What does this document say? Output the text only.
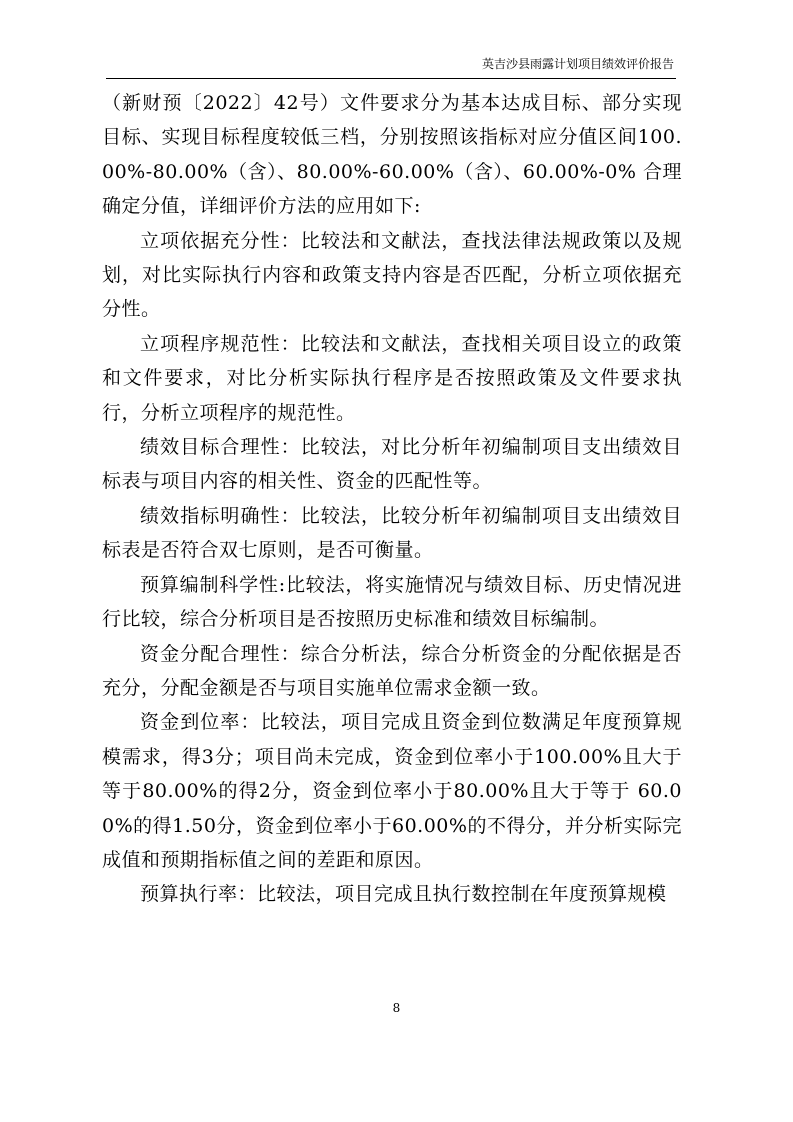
英吉沙县雨露计划项目绩效评价报告

（新财预〔2022〕42号）文件要求分为基本达成目标、部分实现目标、实现目标程度较低三档，分别按照该指标对应分值区间100.00%-80.00%（含）、80.00%-60.00%（含）、60.00%-0% 合理确定分值，详细评价方法的应用如下:

立项依据充分性：比较法和文献法，查找法律法规政策以及规划，对比实际执行内容和政策支持内容是否匹配，分析立项依据充分性。

立项程序规范性：比较法和文献法，查找相关项目设立的政策和文件要求，对比分析实际执行程序是否按照政策及文件要求执行，分析立项程序的规范性。

绩效目标合理性：比较法，对比分析年初编制项目支出绩效目标表与项目内容的相关性、资金的匹配性等。

绩效指标明确性：比较法，比较分析年初编制项目支出绩效目标表是否符合双七原则，是否可衡量。

预算编制科学性:比较法，将实施情况与绩效目标、历史情况进行比较，综合分析项目是否按照历史标准和绩效目标编制。

资金分配合理性：综合分析法，综合分析资金的分配依据是否充分，分配金额是否与项目实施单位需求金额一致。

资金到位率：比较法，项目完成且资金到位数满足年度预算规模需求，得3分；项目尚未完成，资金到位率小于100.00%且大于等于80.00%的得2分，资金到位率小于80.00%且大于等于 60.00%的得1.50分，资金到位率小于60.00%的不得分，并分析实际完成值和预期指标值之间的差距和原因。

预算执行率：比较法，项目完成且执行数控制在年度预算规模

8
